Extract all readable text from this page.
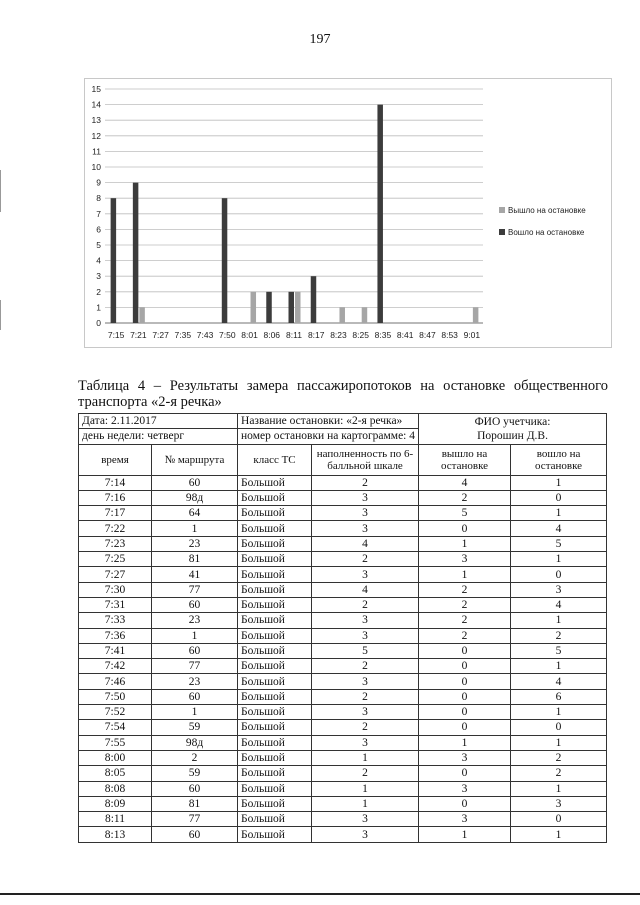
197
0
1
2
3
4
5
6
7
8
9
10
11
12
13
14
15
7:15 7:21 7:27 7:35 7:43 7:50 8:01 8:06 8:11 8:17 8:23 8:25 8:35 8:41 8:47 8:53 9:01
Вышло на остановке
Вошло на остановке
Таблица 4 – Результаты замера пассажиропотоков на остановке общественного
транспорта «2-я речка»
Дата: 2.11.2017		Название остановки: «2-я речка»		ФИО учетчика:
Порошин Д.В.	

день недели: четверг		номер остановки на картограмме: 4			
время	№ маршрута	класс ТС	наполненность по 6-балльной шкале	вышло на остановке	вошло на остановке
7:14	60	Большой	2	4	1
7:16	98д	Большой	3	2	0
7:17	64	Большой	3	5	1
7:22	1	Большой	3	0	4
7:23	23	Большой	4	1	5
7:25	81	Большой	2	3	1
7:27	41	Большой	3	1	0
7:30	77	Большой	4	2	3
7:31	60	Большой	2	2	4
7:33	23	Большой	3	2	1
7:36	1	Большой	3	2	2
7:41	60	Большой	5	0	5
7:42	77	Большой	2	0	1
7:46	23	Большой	3	0	4
7:50	60	Большой	2	0	6
7:52	1	Большой	3	0	1
7:54	59	Большой	2	0	0
7:55	98д	Большой	3	1	1
8:00	2	Большой	1	3	2
8:05	59	Большой	2	0	2
8:08	60	Большой	1	3	1
8:09	81	Большой	1	0	3
8:11	77	Большой	3	3	0
8:13	60	Большой	3	1	1
